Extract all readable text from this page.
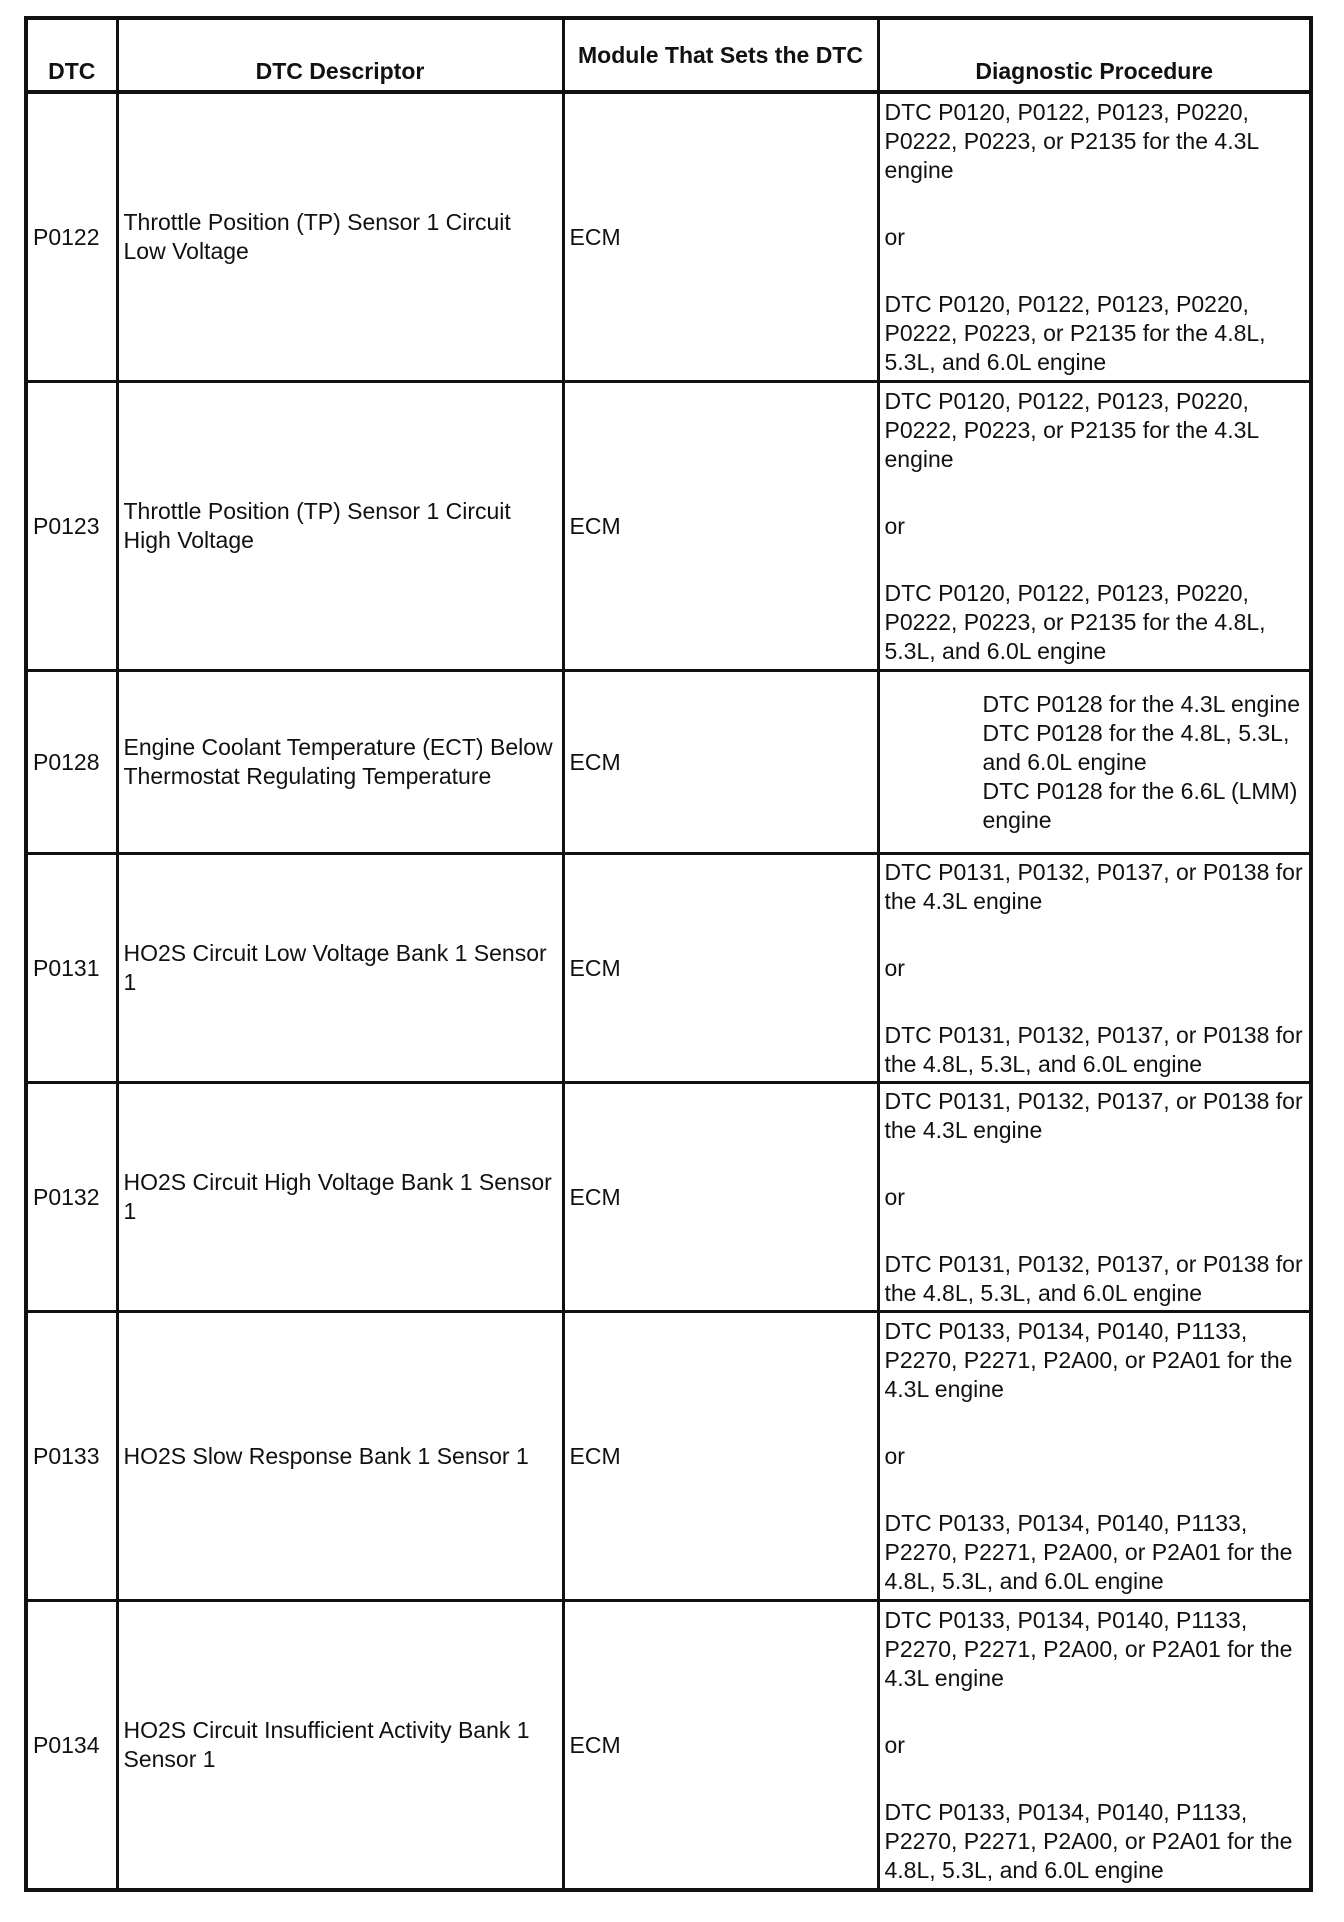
DTC	DTC Descriptor	Module That Sets the DTC	Diagnostic Procedure
P0122	Throttle Position (TP) Sensor 1 Circuit Low Voltage	ECM	DTC P0120, P0122, P0123, P0220, P0222, P0223, or P2135 for the 4.3L engine
or
DTC P0120, P0122, P0123, P0220, P0222, P0223, or P2135 for the 4.8L, 5.3L, and 6.0L engine

P0123	Throttle Position (TP) Sensor 1 Circuit High Voltage	ECM	DTC P0120, P0122, P0123, P0220, P0222, P0223, or P2135 for the 4.3L engine
or
DTC P0120, P0122, P0123, P0220, P0222, P0223, or P2135 for the 4.8L, 5.3L, and 6.0L engine

P0128	Engine Coolant Temperature (ECT) Below Thermostat Regulating Temperature	ECM	DTC P0128 for the 4.3L engine
DTC P0128 for the 4.8L, 5.3L, and 6.0L engine
DTC P0128 for the 6.6L (LMM) engine

P0131	HO2S Circuit Low Voltage Bank 1 Sensor 1	ECM	DTC P0131, P0132, P0137, or P0138 for the 4.3L engine
or
DTC P0131, P0132, P0137, or P0138 for the 4.8L, 5.3L, and 6.0L engine

P0132	HO2S Circuit High Voltage Bank 1 Sensor 1	ECM	DTC P0131, P0132, P0137, or P0138 for the 4.3L engine
or
DTC P0131, P0132, P0137, or P0138 for the 4.8L, 5.3L, and 6.0L engine

P0133	HO2S Slow Response Bank 1 Sensor 1	ECM	DTC P0133, P0134, P0140, P1133, P2270, P2271, P2A00, or P2A01 for the 4.3L engine
or
DTC P0133, P0134, P0140, P1133, P2270, P2271, P2A00, or P2A01 for the 4.8L, 5.3L, and 6.0L engine

P0134	HO2S Circuit Insufficient Activity Bank 1 Sensor 1	ECM	DTC P0133, P0134, P0140, P1133, P2270, P2271, P2A00, or P2A01 for the 4.3L engine
or
DTC P0133, P0134, P0140, P1133, P2270, P2271, P2A00, or P2A01 for the 4.8L, 5.3L, and 6.0L engine
